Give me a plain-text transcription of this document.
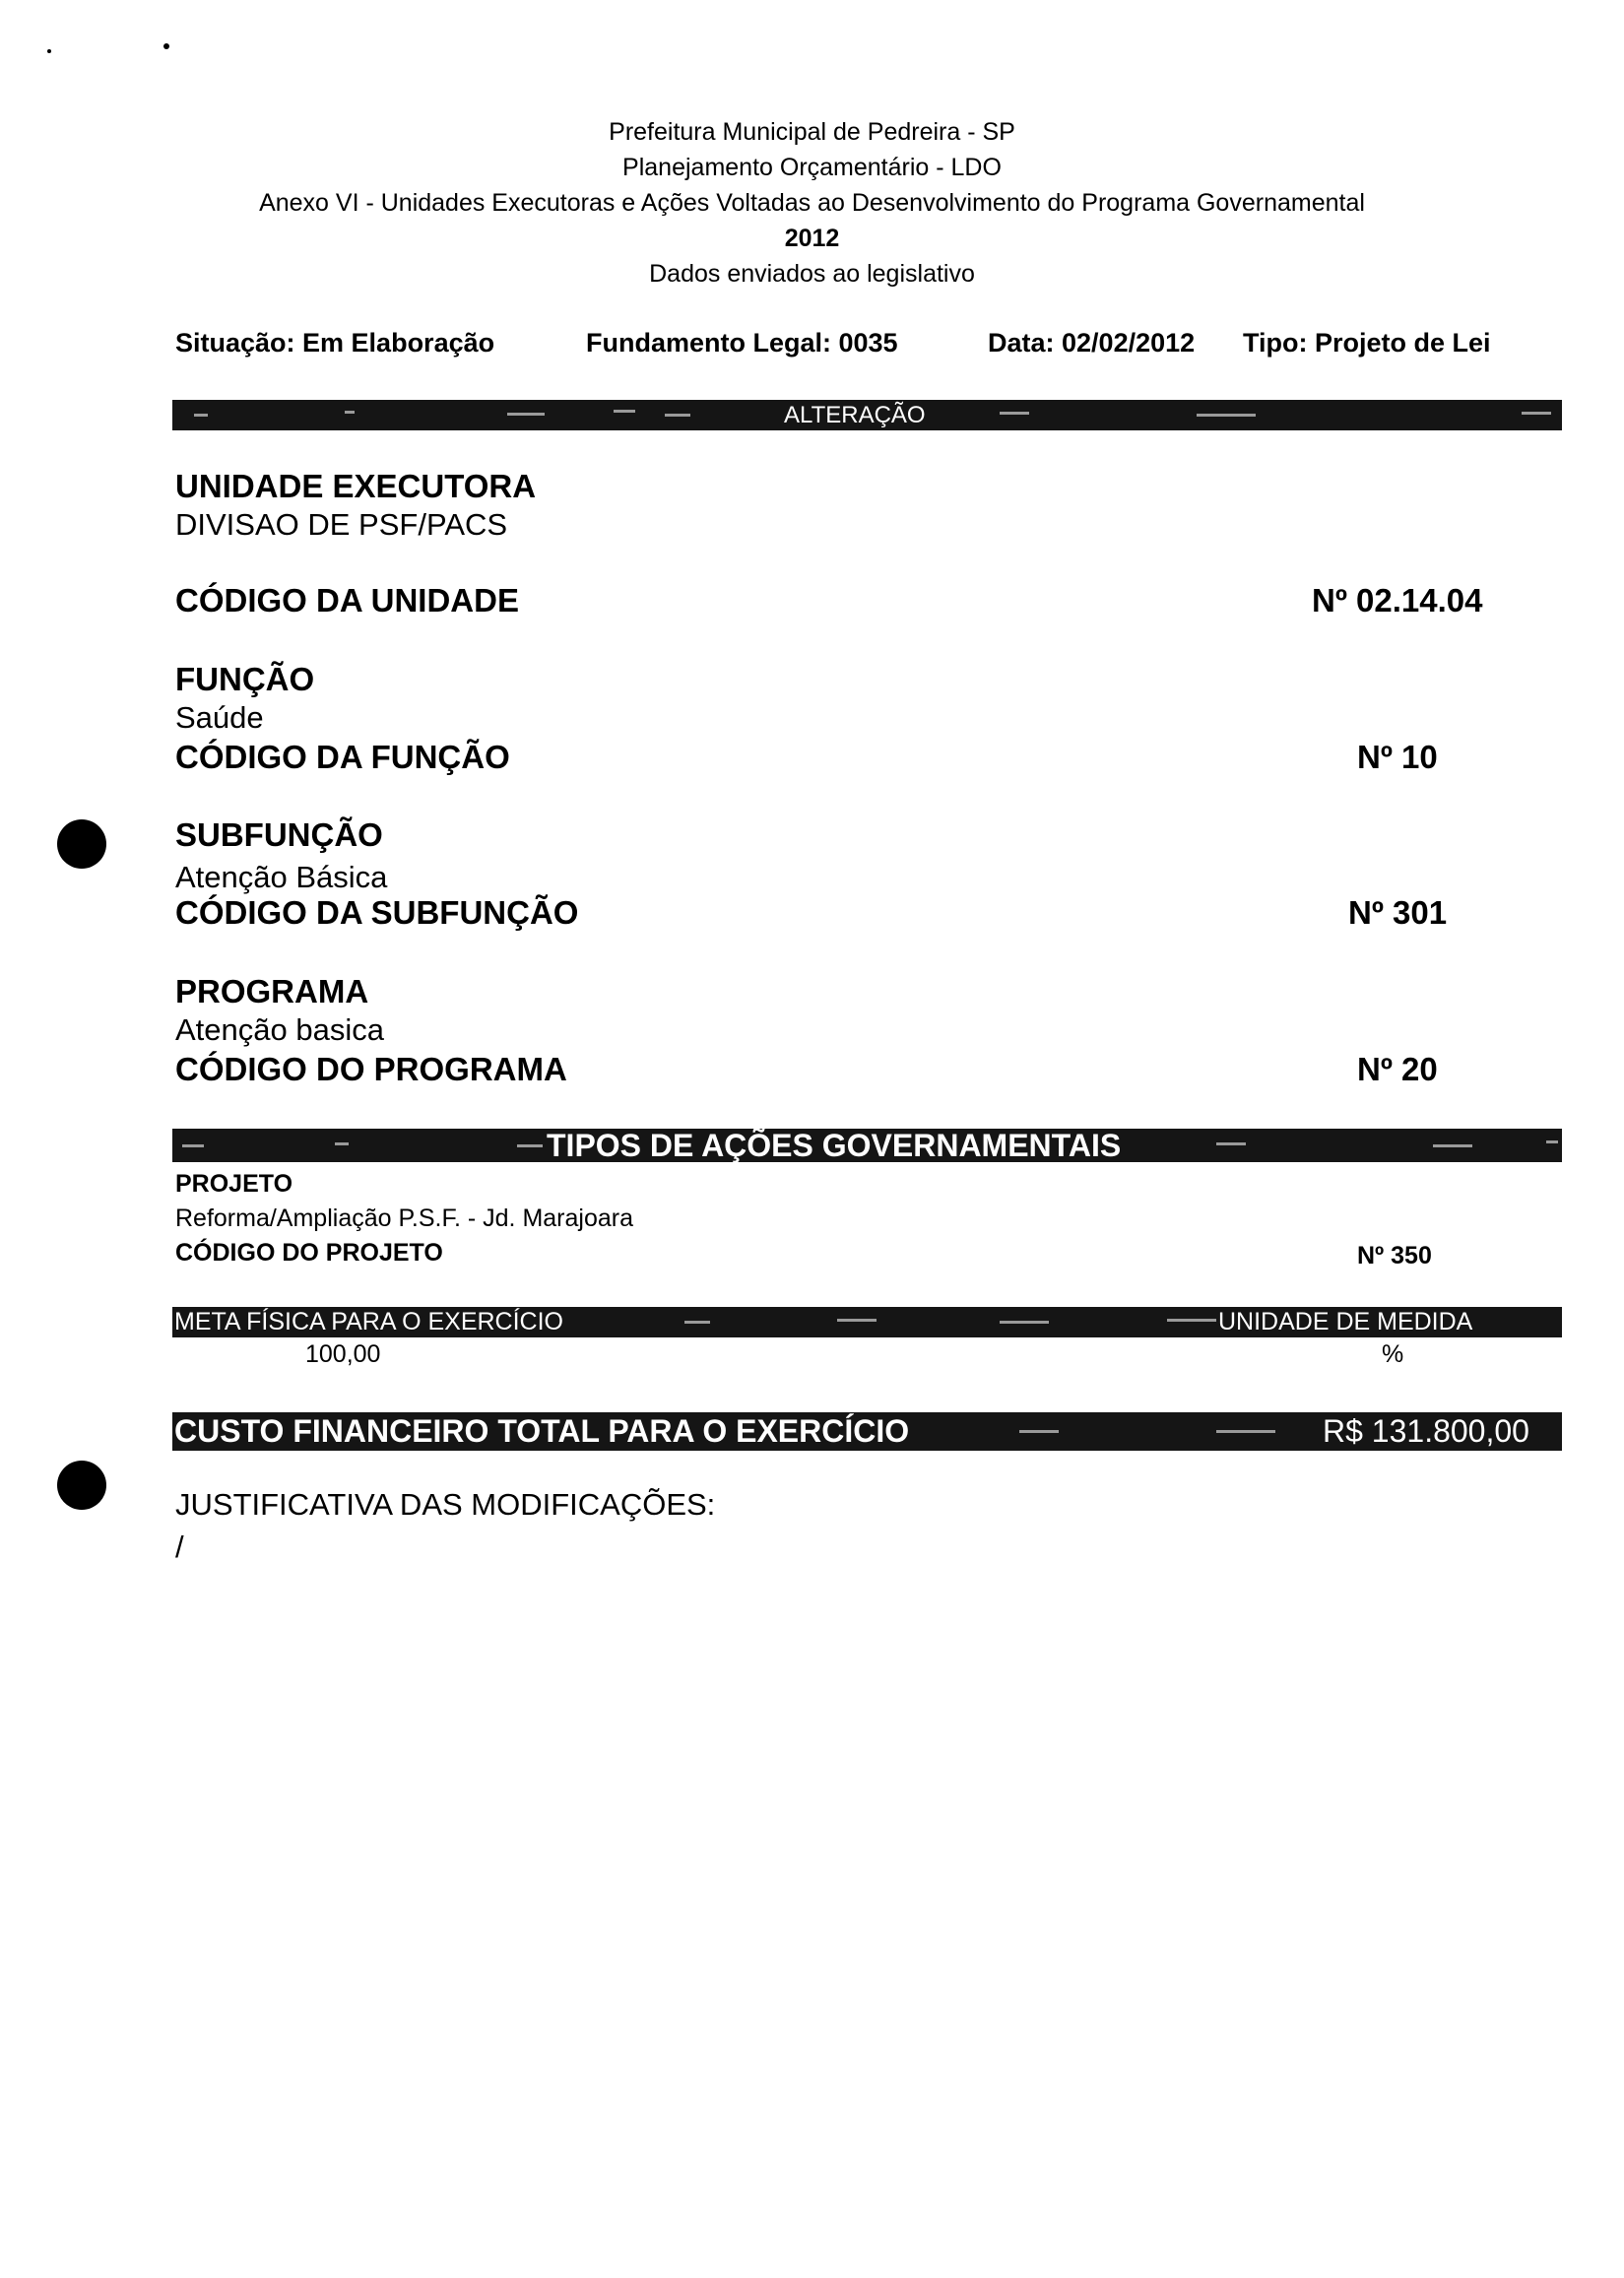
Prefeitura Municipal de Pedreira - SP
Planejamento Orçamentário - LDO
Anexo VI - Unidades Executoras e Ações Voltadas ao Desenvolvimento do Programa Governamental
2012
Dados enviados ao legislativo
Situação: Em Elaboração	Fundamento Legal: 0035	Data: 02/02/2012 Tipo: Projeto de Lei
ALTERAÇÃO
UNIDADE EXECUTORA
DIVISAO DE PSF/PACS
CÓDIGO DA UNIDADE	Nº 02.14.04
FUNÇÃO
Saúde
CÓDIGO DA FUNÇÃO	Nº 10
SUBFUNÇÃO
Atenção Básica
CÓDIGO DA SUBFUNÇÃO	Nº 301
PROGRAMA
Atenção basica
CÓDIGO DO PROGRAMA	Nº 20
TIPOS DE AÇÕES GOVERNAMENTAIS
PROJETO
Reforma/Ampliação P.S.F. - Jd. Marajoara
CÓDIGO DO PROJETO	Nº 350
META FÍSICA PARA O EXERCÍCIO	UNIDADE DE MEDIDA
100,00	%
CUSTO FINANCEIRO TOTAL PARA O EXERCÍCIO	R$ 131.800,00
JUSTIFICATIVA DAS MODIFICAÇÕES:
/
